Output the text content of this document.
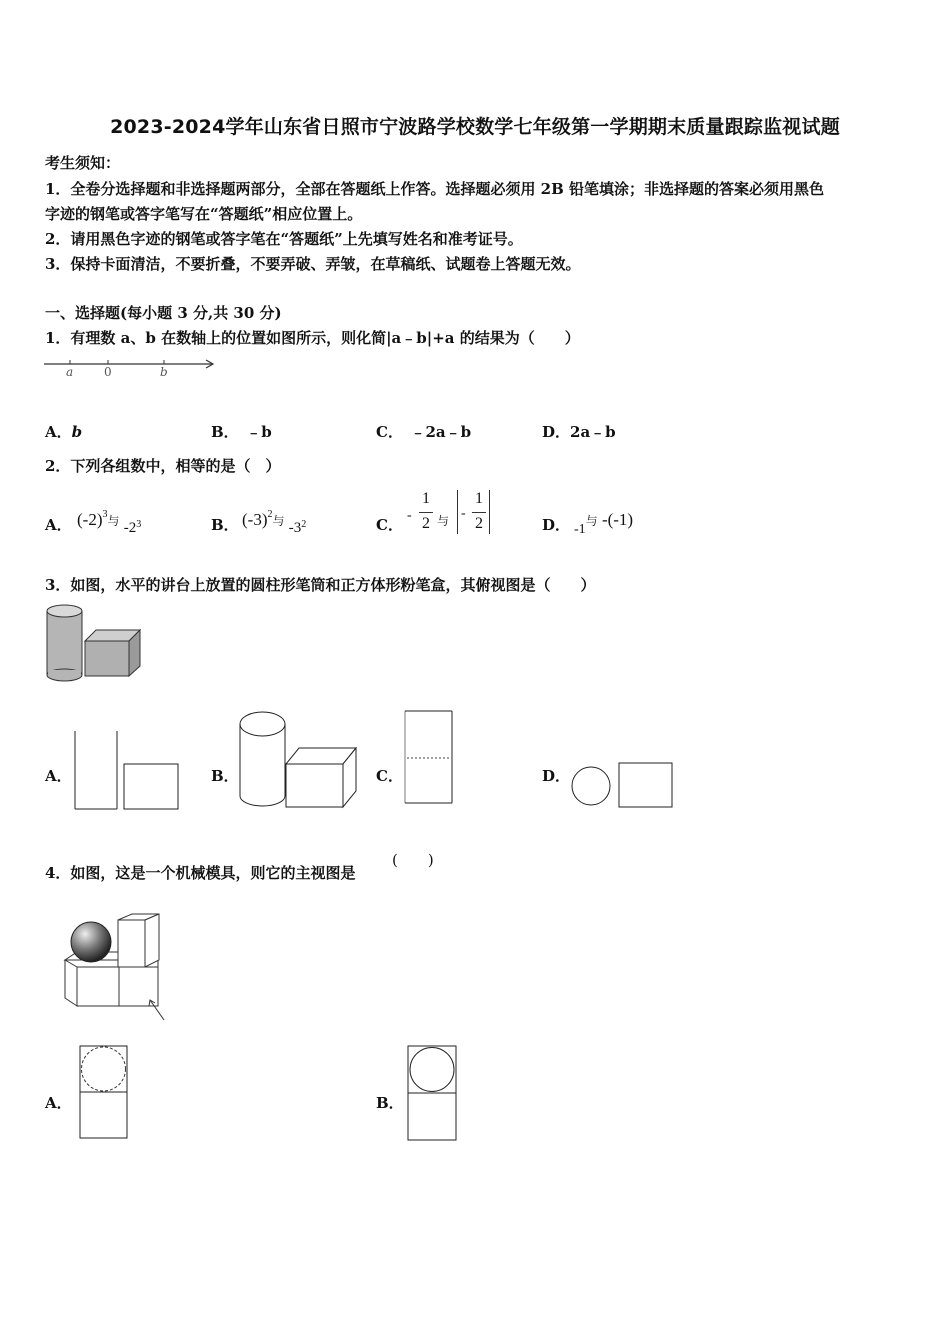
2023-2024学年山东省日照市宁波路学校数学七年级第一学期期末质量跟踪监视试题
考生须知：
1．全卷分选择题和非选择题两部分，全部在答题纸上作答。选择题必须用 2B 铅笔填涂；非选择题的答案必须用黑色
字迹的钢笔或答字笔写在“答题纸”相应位置上。
2．请用黑色字迹的钢笔或答字笔在“答题纸”上先填写姓名和准考证号。
3．保持卡面清洁，不要折叠，不要弄破、弄皱，在草稿纸、试题卷上答题无效。
一、选择题(每小题 3 分,共 30 分)
1．有理数 a、b 在数轴上的位置如图所示，则化简|a﹣b|+a 的结果为（　　）
a	0	b
A．b	B．　 ﹣b	C．　 ﹣2a﹣b	D．2a﹣b
2．下列各组数中，相等的是（　）
A． $(-2)^3$与 -23	B． $(-3)^2$与 -32	C．
-
1
2 与 -
1
2	D． $_{-1}$与 -(-1)
3．如图，水平的讲台上放置的圆柱形笔筒和正方体形粉笔盒，其俯视图是（　　）
A．	B．	C．	D．
4．如图，这是一个机械模具，则它的主视图是
(　　)
A．	B．
